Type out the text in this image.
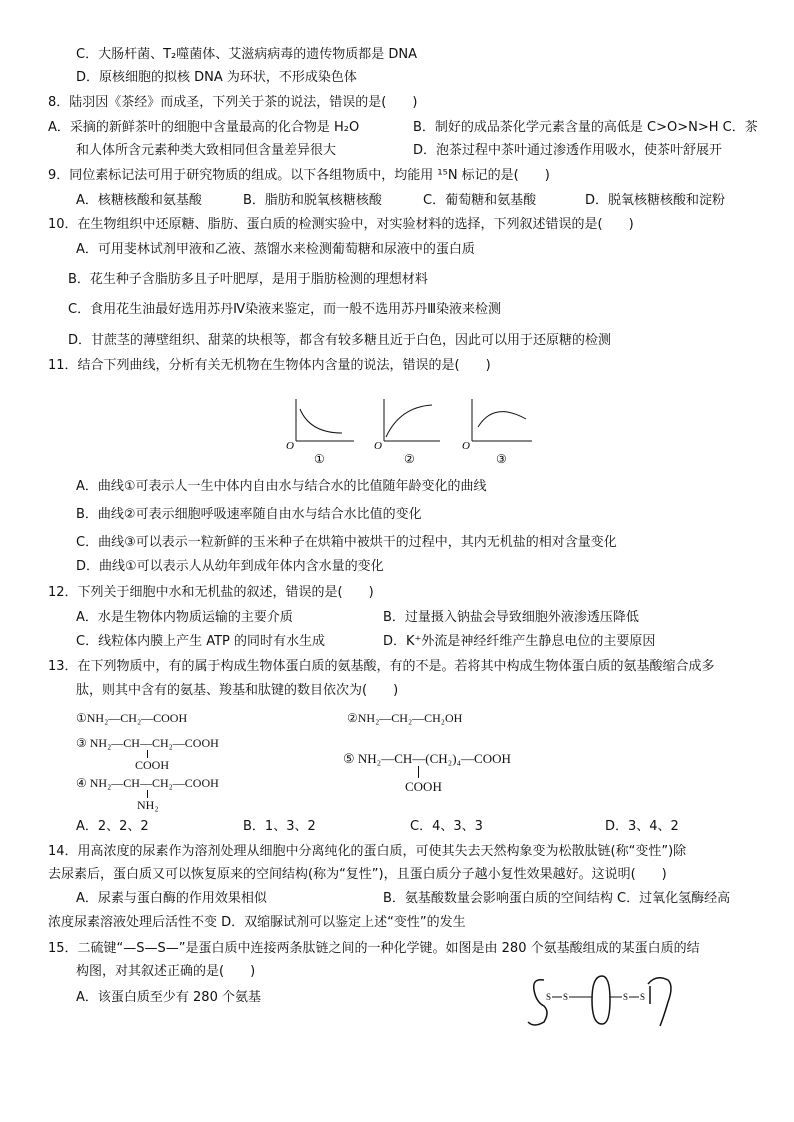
C．大肠杆菌、T₂噬菌体、艾滋病病毒的遗传物质都是 DNA
D．原核细胞的拟核 DNA 为环状，不形成染色体
8．陆羽因《茶经》而成圣，下列关于茶的说法，错误的是(　　)
A．采摘的新鲜茶叶的细胞中含量最高的化合物是 H₂O	B．制好的成品茶化学元素含量的高低是 C>O>N>H C．茶
和人体所含元素种类大致相同但含量差异很大	D．泡茶过程中茶叶通过渗透作用吸水，使茶叶舒展开
9．同位素标记法可用于研究物质的组成。以下各组物质中，均能用 ¹⁵N 标记的是(　　)
A．核糖核酸和氨基酸	B．脂肪和脱氧核糖核酸	C．葡萄糖和氨基酸	D．脱氧核糖核酸和淀粉
10．在生物组织中还原糖、脂肪、蛋白质的检测实验中，对实验材料的选择，下列叙述错误的是(　　)
A．可用斐林试剂甲液和乙液、蒸馏水来检测葡萄糖和尿液中的蛋白质
B．花生种子含脂肪多且子叶肥厚，是用于脂肪检测的理想材料
C．食用花生油最好选用苏丹Ⅳ染液来鉴定，而一般不选用苏丹Ⅲ染液来检测
D．甘蔗茎的薄壁组织、甜菜的块根等，都含有较多糖且近于白色，因此可以用于还原糖的检测
11．结合下列曲线，分析有关无机物在生物体内含量的说法，错误的是(　　)
O
①
O
②
O
③
A．曲线①可表示人一生中体内自由水与结合水的比值随年龄变化的曲线
B．曲线②可表示细胞呼吸速率随自由水与结合水比值的变化
C．曲线③可以表示一粒新鲜的玉米种子在烘箱中被烘干的过程中，其内无机盐的相对含量变化
D．曲线①可以表示人从幼年到成年体内含水量的变化
12．下列关于细胞中水和无机盐的叙述，错误的是(　　)
A．水是生物体内物质运输的主要介质	B．过量摄入钠盐会导致细胞外液渗透压降低
C．线粒体内膜上产生 ATP 的同时有水生成	D．K⁺外流是神经纤维产生静息电位的主要原因
13．在下列物质中，有的属于构成生物体蛋白质的氨基酸，有的不是。若将其中构成生物体蛋白质的氨基酸缩合成多
肽，则其中含有的氨基、羧基和肽键的数目依次为(　　)
①NH₂—CH₂—COOH	②NH₂—CH₂—CH₂OH
③ NH₂—CH—CH₂—COOH
COOH
④ NH₂—CH—CH₂—COOH
NH₂
⑤ NH₂—CH—(CH₂)₄—COOH
COOH
A．2、2、2	B．1、3、2	C．4、3、3	D．3、4、2
14．用高浓度的尿素作为溶剂处理从细胞中分离纯化的蛋白质，可使其失去天然构象变为松散肽链(称“变性”)除
去尿素后，蛋白质又可以恢复原来的空间结构(称为“复性”)，且蛋白质分子越小复性效果越好。这说明(　　)
A．尿素与蛋白酶的作用效果相似	B．氨基酸数量会影响蛋白质的空间结构 C．过氧化氢酶经高
浓度尿素溶液处理后活性不变 D．双缩脲试剂可以鉴定上述“变性”的发生
15．二硫键“—S—S—”是蛋白质中连接两条肽链之间的一种化学键。如图是由 280 个氨基酸组成的某蛋白质的结
构图，对其叙述正确的是(　　)
A．该蛋白质至少有 280 个氨基	S S	S S
